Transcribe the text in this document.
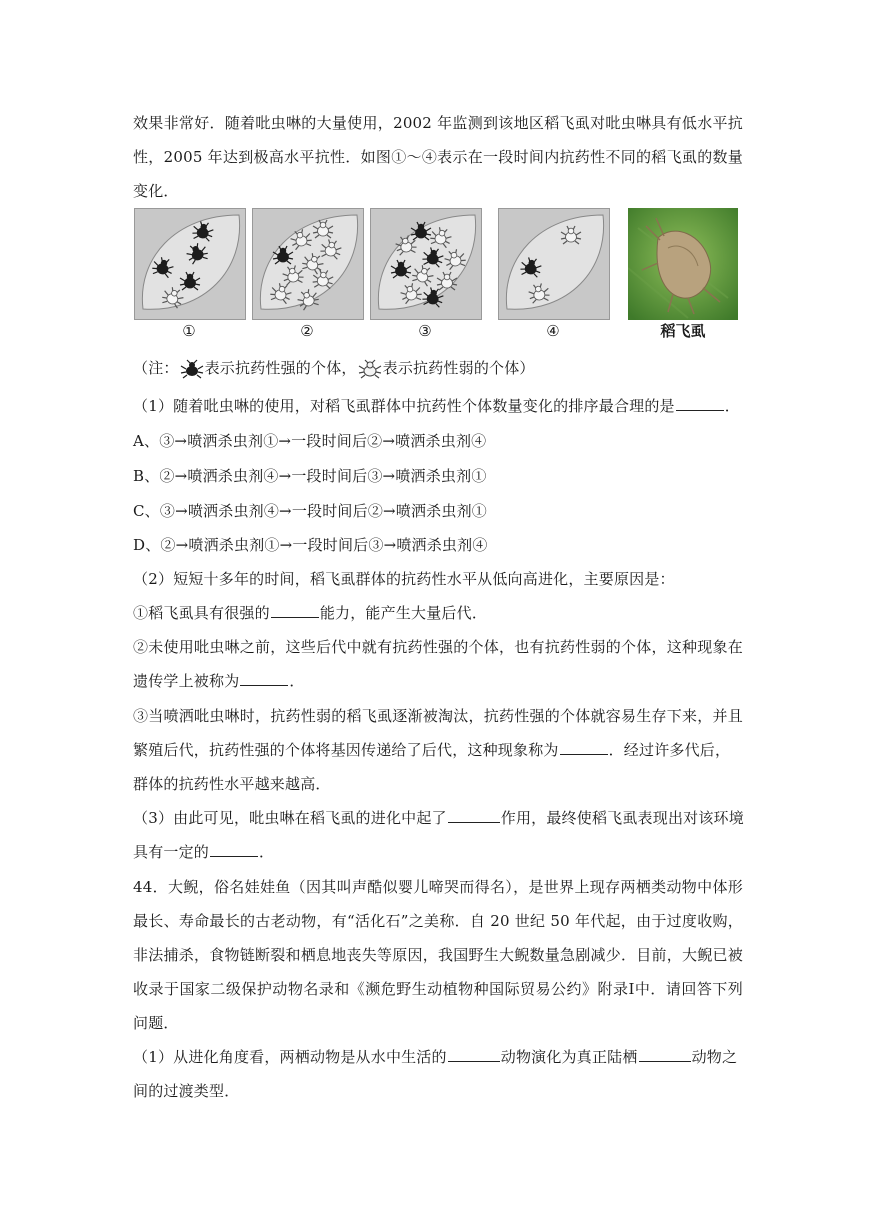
效果非常好．随着吡虫啉的大量使用，2002 年监测到该地区稻飞虱对吡虫啉具有低水平抗
性，2005 年达到极高水平抗性．如图①～④表示在一段时间内抗药性不同的稻飞虱的数量
变化．
①	②	③	④	稻飞虱
（注： 表示抗药性强的个体， 表示抗药性弱的个体）
（1）随着吡虫啉的使用，对稻飞虱群体中抗药性个体数量变化的排序最合理的是	．
A、③→喷洒杀虫剂①→一段时间后②→喷洒杀虫剂④
B、②→喷洒杀虫剂④→一段时间后③→喷洒杀虫剂①
C、③→喷洒杀虫剂④→一段时间后②→喷洒杀虫剂①
D、②→喷洒杀虫剂①→一段时间后③→喷洒杀虫剂④
（2）短短十多年的时间，稻飞虱群体的抗药性水平从低向高进化，主要原因是：
①稻飞虱具有很强的	能力，能产生大量后代．
②未使用吡虫啉之前，这些后代中就有抗药性强的个体，也有抗药性弱的个体，这种现象在
遗传学上被称为	．
③当喷洒吡虫啉时，抗药性弱的稻飞虱逐渐被淘汰，抗药性强的个体就容易生存下来，并且
繁殖后代，抗药性强的个体将基因传递给了后代，这种现象称为	．经过许多代后，
群体的抗药性水平越来越高．
（3）由此可见，吡虫啉在稻飞虱的进化中起了	作用，最终使稻飞虱表现出对该环境
具有一定的	．
44．大鲵，俗名娃娃鱼（因其叫声酷似婴儿啼哭而得名），是世界上现存两栖类动物中体形
最长、寿命最长的古老动物，有“活化石”之美称．自 20 世纪 50 年代起，由于过度收购，
非法捕杀，食物链断裂和栖息地丧失等原因，我国野生大鲵数量急剧减少．目前，大鲵已被
收录于国家二级保护动物名录和《濒危野生动植物种国际贸易公约》附录Ⅰ中．请回答下列
问题．
（1）从进化角度看，两栖动物是从水中生活的	动物演化为真正陆栖	动物之
间的过渡类型．
